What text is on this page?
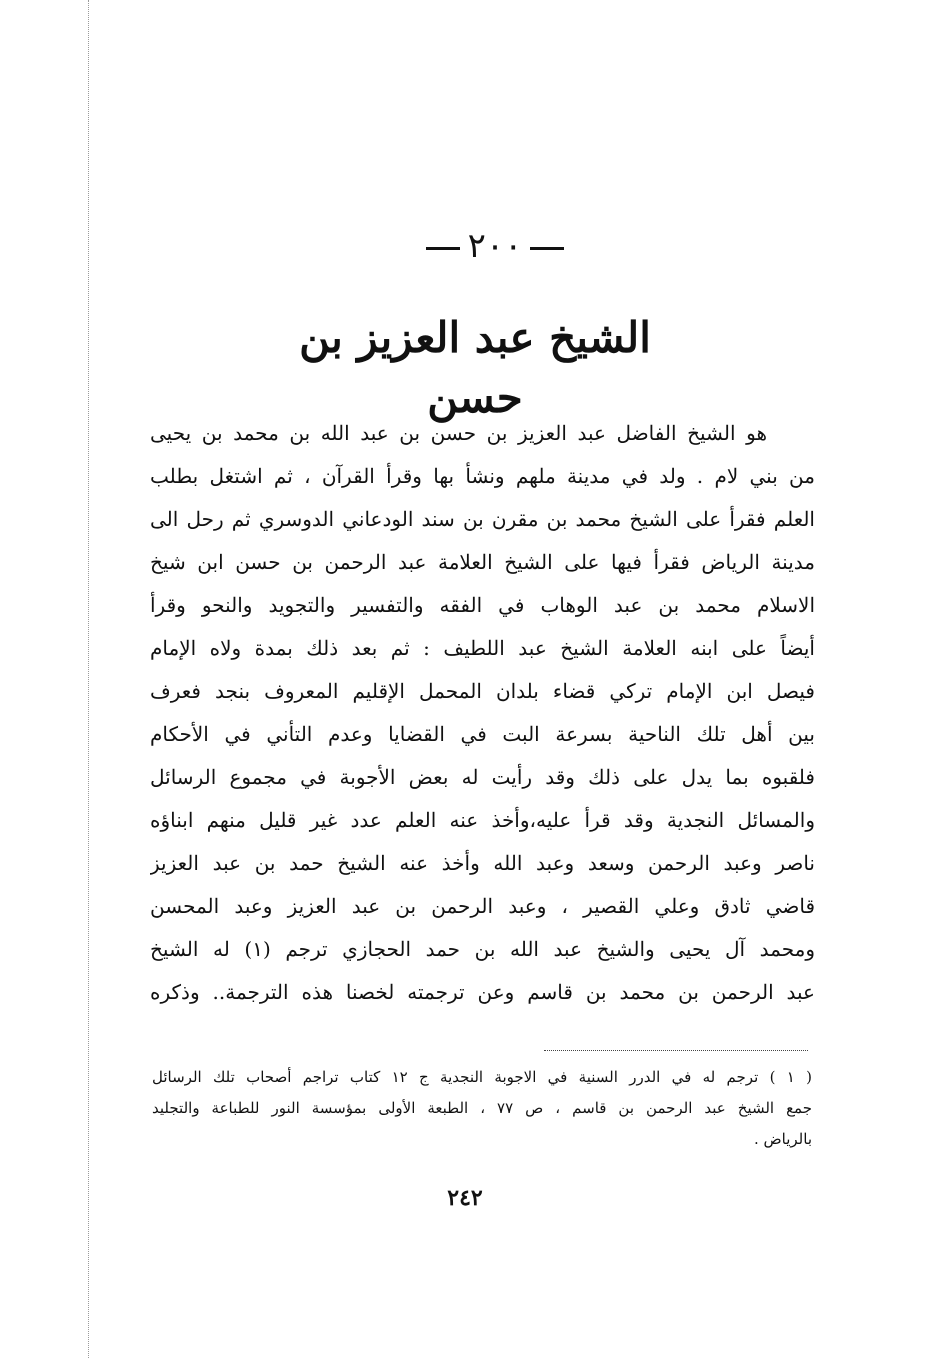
٢٠٠
الشيخ عبد العزيز بن حسن
هو الشيخ الفاضل عبد العزيز بن حسن بن عبد الله بن محمد بن يحيى
من بني لام . ولد في مدينة ملهم ونشأ بها وقرأ القرآن ، ثم اشتغل بطلب
العلم فقرأ على الشيخ محمد بن مقرن بن سند الودعاني الدوسري ثم رحل الى
مدينة الرياض فقرأ فيها على الشيخ العلامة عبد الرحمن بن حسن ابن شيخ
الاسلام محمد بن عبد الوهاب في الفقه والتفسير والتجويد والنحو وقرأ
أيضاً على ابنه العلامة الشيخ عبد اللطيف : ثم بعد ذلك بمدة ولاه الإمام
فيصل ابن الإمام تركي قضاء بلدان المحمل الإقليم المعروف بنجد فعرف
بين أهل تلك الناحية بسرعة البت في القضايا وعدم التأني في الأحكام
فلقبوه بما يدل على ذلك وقد رأيت له بعض الأجوبة في مجموع الرسائل
والمسائل النجدية وقد قرأ عليه،وأخذ عنه العلم عدد غير قليل منهم ابناؤه
ناصر وعبد الرحمن وسعد وعبد الله وأخذ عنه الشيخ حمد بن عبد العزيز
قاضي ثادق وعلي القصير ، وعبد الرحمن بن عبد العزيز وعبد المحسن
ومحمد آل يحيى والشيخ عبد الله بن حمد الحجازي ترجم (١) له الشيخ
عبد الرحمن بن محمد بن قاسم وعن ترجمته لخصنا هذه الترجمة.. وذكره
( ١ ) ترجم له في الدرر السنية في الاجوبة النجدية ج ١٢ كتاب تراجم أصحاب تلك الرسائل
جمع الشيخ عبد الرحمن بن قاسم ، ص ٧٧ ، الطبعة الأولى بمؤسسة النور للطباعة والتجليد
بالرياض .
٢٤٢
